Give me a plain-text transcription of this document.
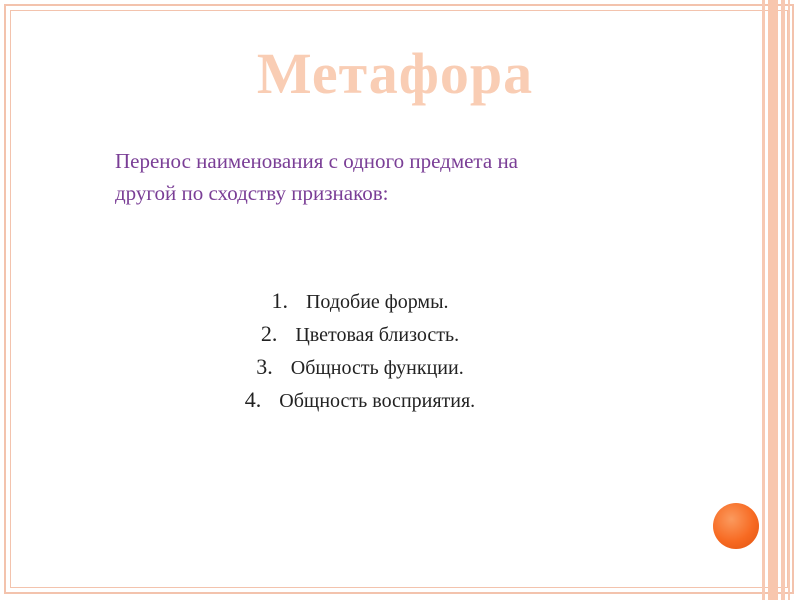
Метафора

Перенос наименования с одного предмета на
другой по сходству признаков:

1. Подобие формы.
2. Цветовая близость.
3. Общность функции.
4. Общность восприятия.
